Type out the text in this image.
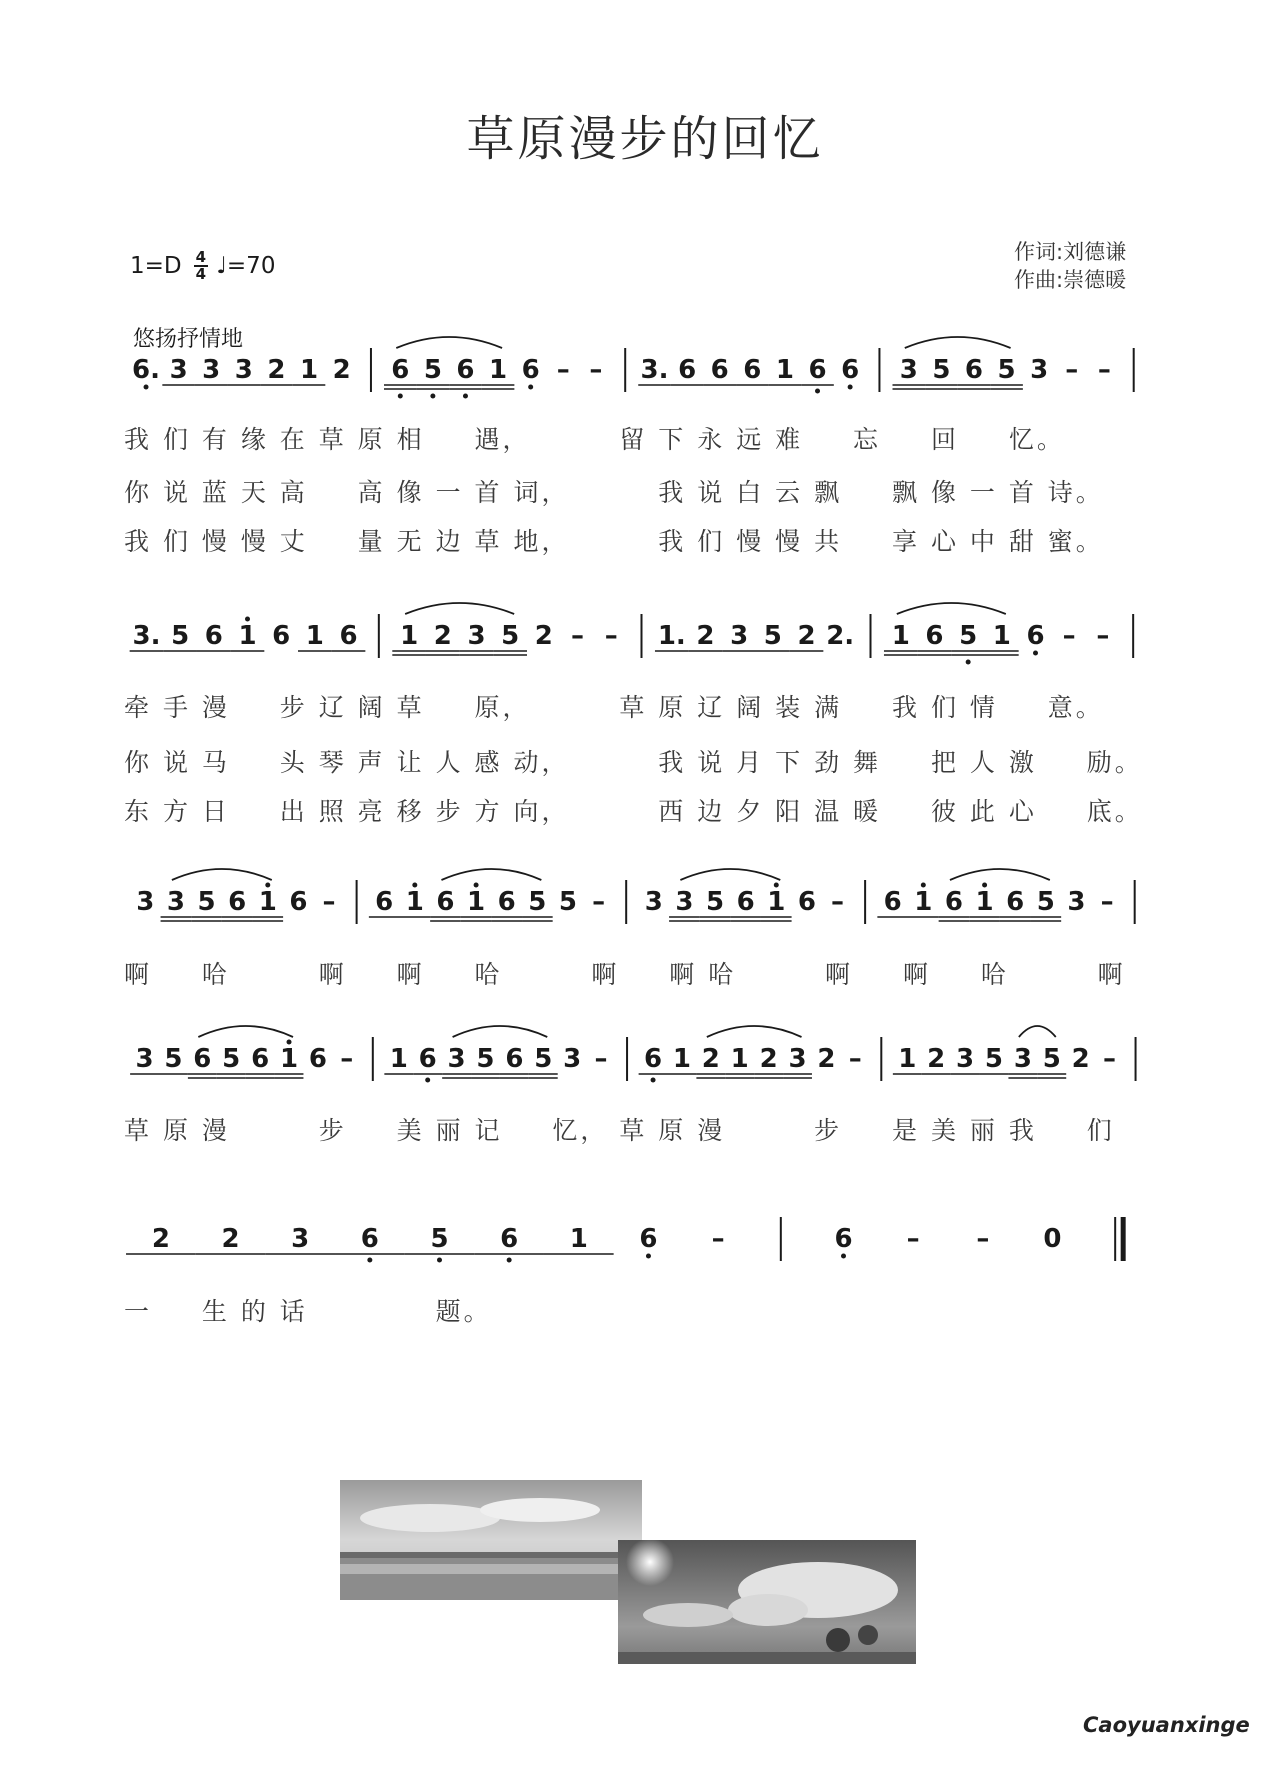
草原漫步的回忆
$1=D \frac{4}{4}$ ♩=70
作词:刘德谦
作曲:崇德暖
悠扬抒情地
6. 3 3 3 2 1 2 6 5 6 1 6 – – 3. 6 6 6 1 6 6 3 5 6 5 3 – –
3. 5 6 1 6 1 6 1 2 3 5 2 – – 1. 2 3 5 2 2. 1 6 5 1 6 – –
3 3 5 6 1 6 – 6 1 6 1 6 5 5 – 3 3 5 6 1 6 – 6 1 6 1 6 5 3 –
3 5 6 5 6 1 6 – 1 6 3 5 6 5 3 – 6 1 2 1 2 3 2 – 1 2 3 5 3 5 2 –
2 2 3 6 5 6 1 6 –	6 – – 0
我 们 有 缘 在 草 原 相 　 遇， 　 　 留 下 永 远 难 　 忘 　 回 　 忆。
你 说 蓝 天 高 　 高 像 一 首 词， 　 　 我 说 白 云 飘 　 飘 像 一 首 诗。
我 们 慢 慢 丈 　 量 无 边 草 地， 　 　 我 们 慢 慢 共 　 享 心 中 甜 蜜。
牵 手 漫 　 步 辽 阔 草 　 原， 　 　 草 原 辽 阔 装 满 　 我 们 情 　 意。
你 说 马 　 头 琴 声 让 人 感 动， 　 　 我 说 月 下 劲 舞 　 把 人 激 　 励。
东 方 日 　 出 照 亮 移 步 方 向， 　 　 西 边 夕 阳 温 暖 　 彼 此 心 　 底。
啊 　 哈 　 　 啊 　 啊 　 哈 　 　 啊 　 啊 哈 　 　 啊 　 啊 　 哈 　 　 啊
草 原 漫 　 　 步 　 美 丽 记 　 忆， 草 原 漫 　 　 步 　 是 美 丽 我 　 们
一 　 生 的 话 　 　 　 题。
Caoyuanxinge
